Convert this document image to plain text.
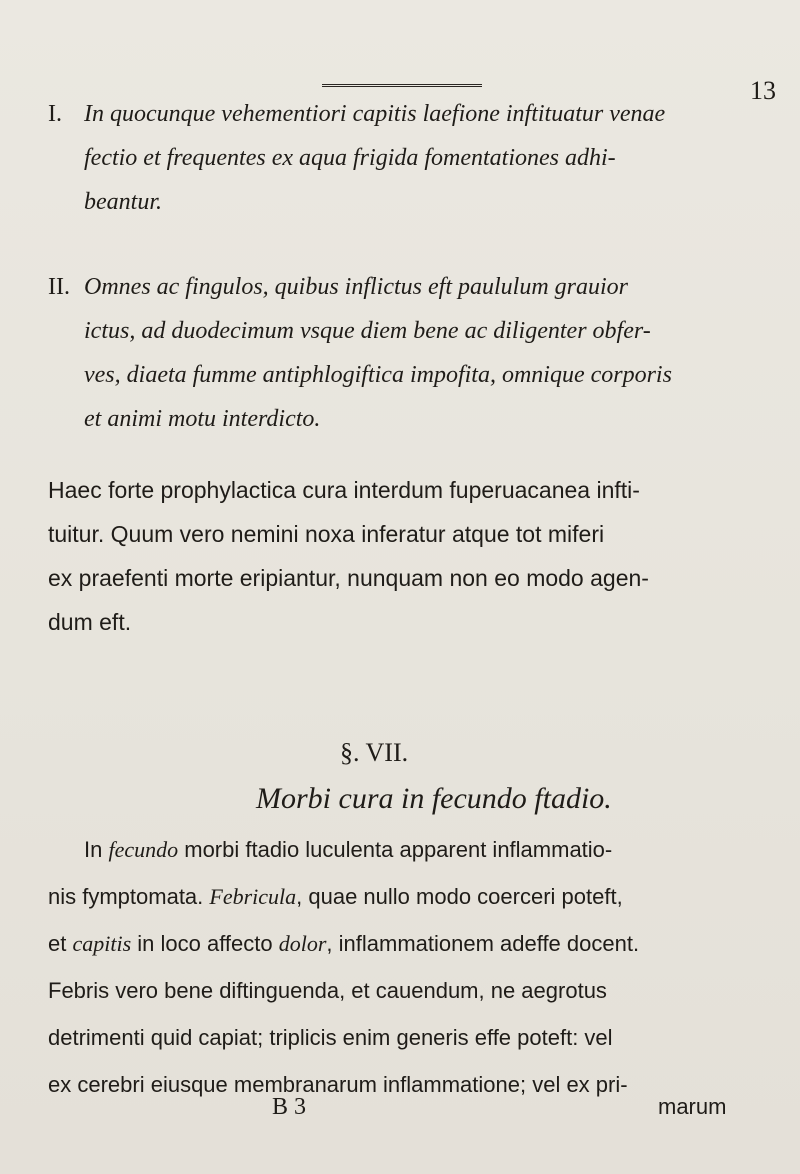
13
I. In quocunque vehementiori capitis laefione inftituatur venae
fectio et frequentes ex aqua frigida fomentationes adhi-
beantur.
II. Omnes ac fingulos, quibus inflictus eft paululum grauior
ictus, ad duodecimum vsque diem bene ac diligenter obfer-
ves, diaeta fumme antiphlogiftica impofita, omnique corporis
et animi motu interdicto.
Haec forte prophylactica cura interdum fuperuacanea infti-
tuitur. Quum vero nemini noxa inferatur atque tot miferi
ex praefenti morte eripiantur, nunquam non eo modo agen-
dum eft.
§. VII.
Morbi cura in fecundo ftadio.
In fecundo morbi ftadio luculenta apparent inflammatio-
nis fymptomata. Febricula, quae nullo modo coerceri poteft,
et capitis in loco affecto dolor, inflammationem adeffe docent.
Febris vero bene diftinguenda, et cauendum, ne aegrotus
detrimenti quid capiat; triplicis enim generis effe poteft: vel
ex cerebri eiusque membranarum inflammatione; vel ex pri-
B 3	marum
